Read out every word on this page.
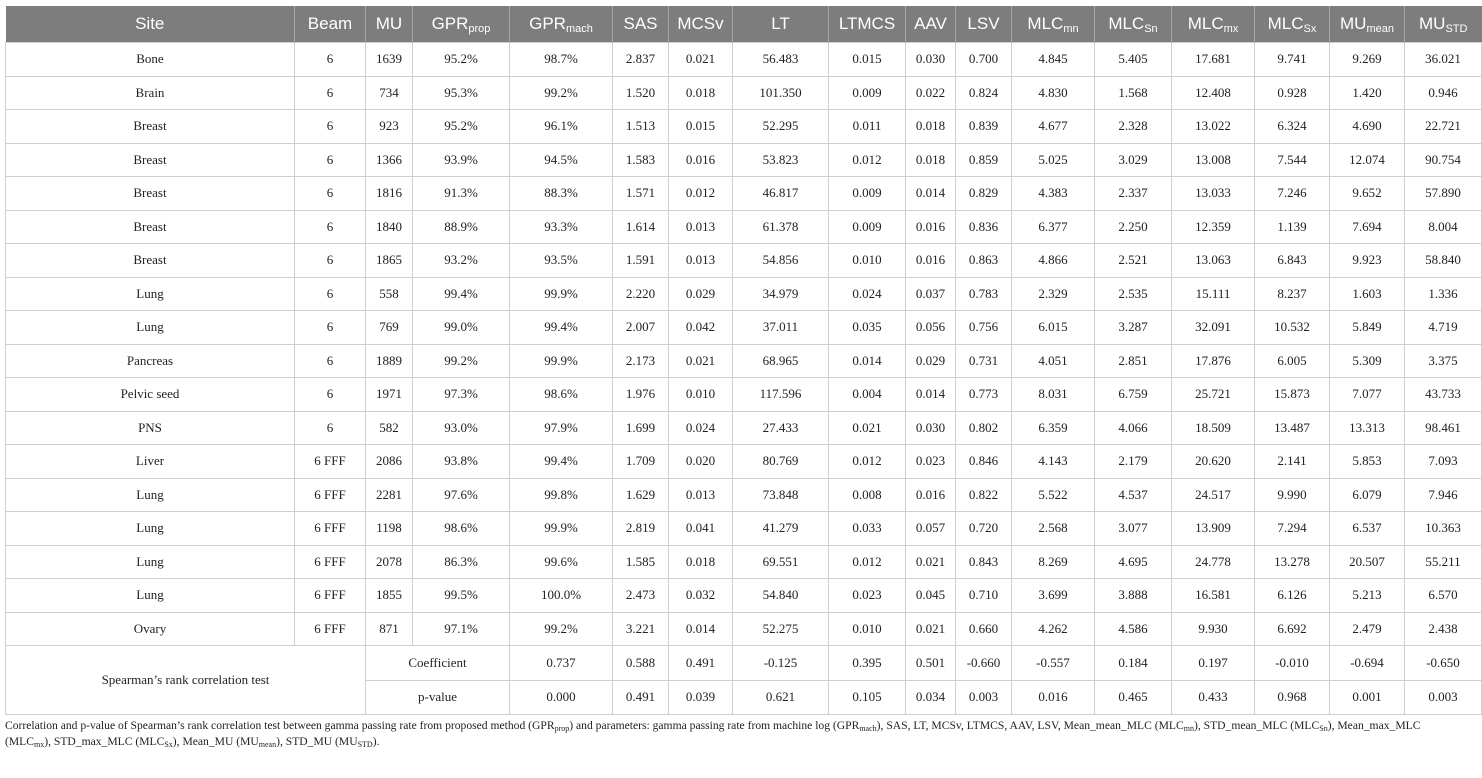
Site	Beam	MU	$GPR_{prop}$	$GPR_{mach}$	SAS	MCSv	LT	LTMCS	AAV	LSV	$MLC_{mn}$	$MLC_{Sn}$	$MLC_{mx}$	$MLC_{Sx}$	$MU_{mean}$	$MU_{STD}$
Bone	6	1639	95.2%	98.7%	2.837	0.021	56.483	0.015	0.030	0.700	4.845	5.405	17.681	9.741	9.269	36.021
Brain	6	734	95.3%	99.2%	1.520	0.018	101.350	0.009	0.022	0.824	4.830	1.568	12.408	0.928	1.420	0.946
Breast	6	923	95.2%	96.1%	1.513	0.015	52.295	0.011	0.018	0.839	4.677	2.328	13.022	6.324	4.690	22.721
Breast	6	1366	93.9%	94.5%	1.583	0.016	53.823	0.012	0.018	0.859	5.025	3.029	13.008	7.544	12.074	90.754
Breast	6	1816	91.3%	88.3%	1.571	0.012	46.817	0.009	0.014	0.829	4.383	2.337	13.033	7.246	9.652	57.890
Breast	6	1840	88.9%	93.3%	1.614	0.013	61.378	0.009	0.016	0.836	6.377	2.250	12.359	1.139	7.694	8.004
Breast	6	1865	93.2%	93.5%	1.591	0.013	54.856	0.010	0.016	0.863	4.866	2.521	13.063	6.843	9.923	58.840
Lung	6	558	99.4%	99.9%	2.220	0.029	34.979	0.024	0.037	0.783	2.329	2.535	15.111	8.237	1.603	1.336
Lung	6	769	99.0%	99.4%	2.007	0.042	37.011	0.035	0.056	0.756	6.015	3.287	32.091	10.532	5.849	4.719
Pancreas	6	1889	99.2%	99.9%	2.173	0.021	68.965	0.014	0.029	0.731	4.051	2.851	17.876	6.005	5.309	3.375
Pelvic seed	6	1971	97.3%	98.6%	1.976	0.010	117.596	0.004	0.014	0.773	8.031	6.759	25.721	15.873	7.077	43.733
PNS	6	582	93.0%	97.9%	1.699	0.024	27.433	0.021	0.030	0.802	6.359	4.066	18.509	13.487	13.313	98.461
Liver	6 FFF	2086	93.8%	99.4%	1.709	0.020	80.769	0.012	0.023	0.846	4.143	2.179	20.620	2.141	5.853	7.093
Lung	6 FFF	2281	97.6%	99.8%	1.629	0.013	73.848	0.008	0.016	0.822	5.522	4.537	24.517	9.990	6.079	7.946
Lung	6 FFF	1198	98.6%	99.9%	2.819	0.041	41.279	0.033	0.057	0.720	2.568	3.077	13.909	7.294	6.537	10.363
Lung	6 FFF	2078	86.3%	99.6%	1.585	0.018	69.551	0.012	0.021	0.843	8.269	4.695	24.778	13.278	20.507	55.211
Lung	6 FFF	1855	99.5%	100.0%	2.473	0.032	54.840	0.023	0.045	0.710	3.699	3.888	16.581	6.126	5.213	6.570
Ovary	6 FFF	871	97.1%	99.2%	3.221	0.014	52.275	0.010	0.021	0.660	4.262	4.586	9.930	6.692	2.479	2.438
Spearman’s rank correlation test		Coefficient		0.737	0.588	0.491	-0.125	0.395	0.501	-0.660	-0.557	0.184	0.197	-0.010	-0.694	-0.650
		p-value		0.000	0.491	0.039	0.621	0.105	0.034	0.003	0.016	0.465	0.433	0.968	0.001	0.003
Correlation and p-value of Spearman’s rank correlation test between gamma passing rate from proposed method $(GPR_{prop})$ and parameters: gamma passing rate from machine $\log (GPR_{mach})$, SAS, LT, MCSv, LTMCS, AAV, LSV, Mean_mean_MLC $(MLC_{mn})$, STD_mean_MLC $(MLC_{Sn})$, Mean_max_MLC $(MLC_{mx})$, STD_max_MLC $(MLC_{Sx})$, Mean_MU $(MU_{mean})$, STD_MU $(MU_{STD})$.
